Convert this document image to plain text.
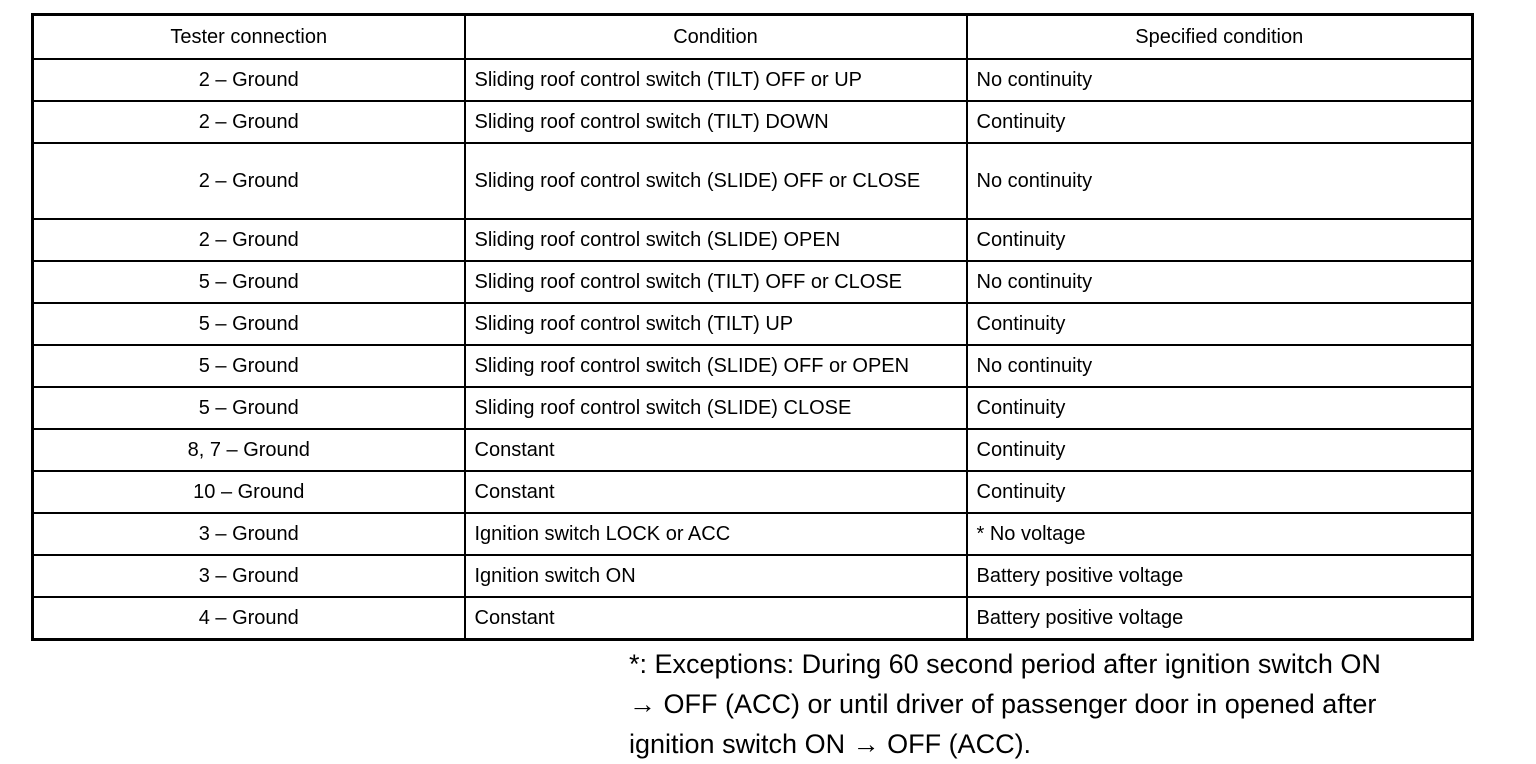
Tester connection	Condition	Specified condition
2 – Ground	Sliding roof control switch (TILT) OFF or UP	No continuity
2 – Ground	Sliding roof control switch (TILT) DOWN	Continuity
2 – Ground	Sliding roof control switch (SLIDE) OFF or CLOSE	No continuity
2 – Ground	Sliding roof control switch (SLIDE) OPEN	Continuity
5 – Ground	Sliding roof control switch (TILT) OFF or CLOSE	No continuity
5 – Ground	Sliding roof control switch (TILT) UP	Continuity
5 – Ground	Sliding roof control switch (SLIDE) OFF or OPEN	No continuity
5 – Ground	Sliding roof control switch (SLIDE) CLOSE	Continuity
8, 7 – Ground	Constant	Continuity
10 – Ground	Constant	Continuity
3 – Ground	Ignition switch LOCK or ACC	* No voltage
3 – Ground	Ignition switch ON	Battery positive voltage
4 – Ground	Constant	Battery positive voltage
*: Exceptions: During 60 second period after ignition switch ON
→ OFF (ACC) or until driver of passenger door in opened after
ignition switch ON → OFF (ACC).
